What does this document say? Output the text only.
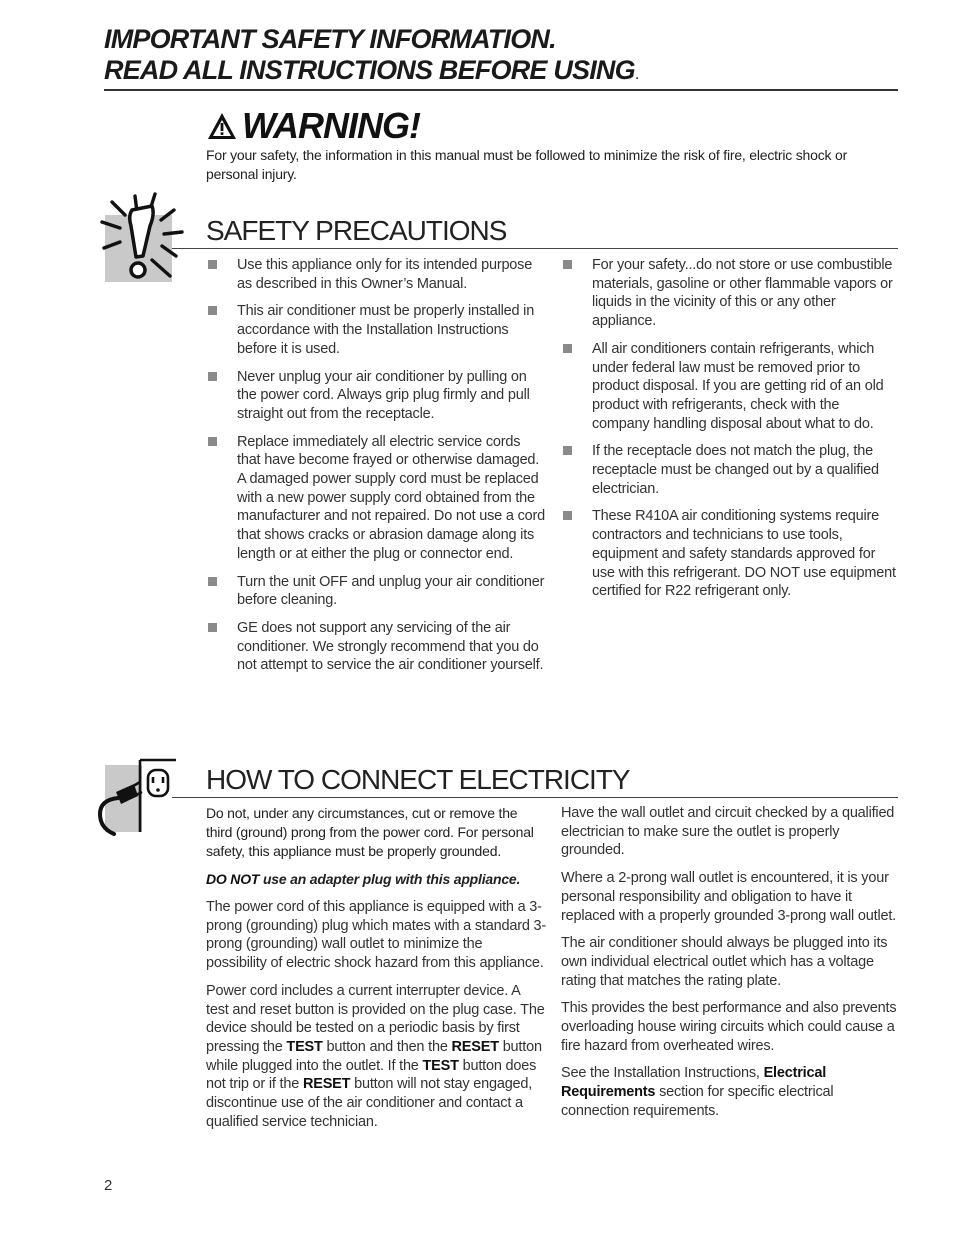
IMPORTANT SAFETY INFORMATION.
READ ALL INSTRUCTIONS BEFORE USING.
WARNING!
For your safety, the information in this manual must be followed to minimize the risk of fire, electric shock or personal injury.
SAFETY PRECAUTIONS
Use this appliance only for its intended purpose as described in this Owner’s Manual.
This air conditioner must be properly installed in accordance with the Installation Instructions before it is used.
Never unplug your air conditioner by pulling on the power cord. Always grip plug firmly and pull straight out from the receptacle.
Replace immediately all electric service cords that have become frayed or otherwise damaged. A damaged power supply cord must be replaced with a new power supply cord obtained from the manufacturer and not repaired. Do not use a cord that shows cracks or abrasion damage along its length or at either the plug or connector end.
Turn the unit OFF and unplug your air conditioner before cleaning.
GE does not support any servicing of the air conditioner. We strongly recommend that you do not attempt to service the air conditioner yourself.
For your safety...do not store or use combustible materials, gasoline or other flammable vapors or liquids in the vicinity of this or any other appliance.
All air conditioners contain refrigerants, which under federal law must be removed prior to product disposal. If you are getting rid of an old product with refrigerants, check with the company handling disposal about what to do.
If the receptacle does not match the plug, the receptacle must be changed out by a qualified electrician.
These R410A air conditioning systems require contractors and technicians to use tools, equipment and safety standards approved for use with this refrigerant. DO NOT use equipment certified for R22 refrigerant only.
HOW TO CONNECT ELECTRICITY

Do not, under any circumstances, cut or remove the third (ground) prong from the power cord. For personal safety, this appliance must be properly grounded.

DO NOT use an adapter plug with this appliance.

The power cord of this appliance is equipped with a 3-prong (grounding) plug which mates with a standard 3-prong (grounding) wall outlet to minimize the possibility of electric shock hazard from this appliance.

Power cord includes a current interrupter device. A test and reset button is provided on the plug case. The device should be tested on a periodic basis by first pressing the TEST button and then the RESET button while plugged into the outlet. If the TEST button does not trip or if the RESET button will not stay engaged, discontinue use of the air conditioner and contact a qualified service technician.

Have the wall outlet and circuit checked by a qualified electrician to make sure the outlet is properly grounded.

Where a 2-prong wall outlet is encountered, it is your personal responsibility and obligation to have it replaced with a properly grounded 3-prong wall outlet.

The air conditioner should always be plugged into its own individual electrical outlet which has a voltage rating that matches the rating plate.

This provides the best performance and also prevents overloading house wiring circuits which could cause a fire hazard from overheated wires.

See the Installation Instructions, Electrical Requirements section for specific electrical connection requirements.

2
